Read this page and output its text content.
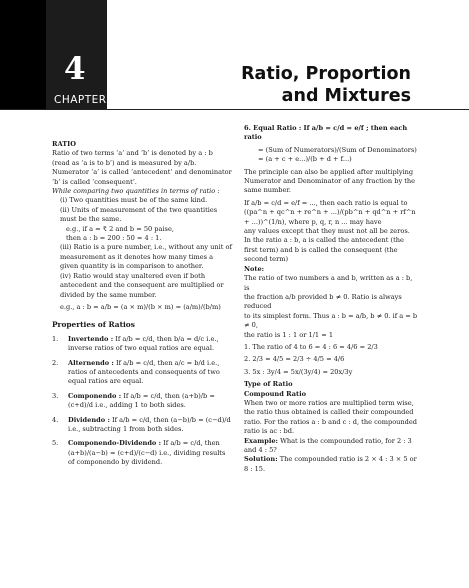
4
CHAPTER
Ratio, Proportion
and Mixtures

RATIO

Ratio of two terms ‘a’ and ‘b’ is denoted by a : b (read as ‘a is to b’) and is measured by a/b.

Numerator ‘a’ is called ‘antecedent’ and denominator ‘b’ is called ‘consequent’.

While comparing two quantities in terms of ratio :

(i) Two quantities must be of the same kind.

(ii) Units of measurement of the two quantities must be the same.

e.g., if a = ₹ 2 and b = 50 paise,

then a : b = 200 : 50 = 4 : 1.

(iii) Ratio is a pure number, i.e., without any unit of measurement as it denotes how many times a given quantity is in comparison to another.

(iv) Ratio would stay unaltered even if both antecedent and the consequent are multiplied or divided by the same number.

e.g., a : b = a/b = (a × m)/(b × m) = (a/m)/(b/m)

Properties of Ratios

1.	Invertendo : If a/b = c/d, then b/a = d/c i.e., inverse ratios of two equal ratios are equal.
2.	Alternendo : If a/b = c/d, then a/c = b/d i.e., ratios of antecedents and consequents of two equal ratios are equal.
3.	Componendo : If a/b = c/d, then (a+b)/b = (c+d)/d i.e., adding 1 to both sides.
4.	Dividendo : If a/b = c/d, then (a−b)/b = (c−d)/d i.e., subtracting 1 from both sides.
5.	Componendo-Dividendo : If a/b = c/d, then (a+b)/(a−b) = (c+d)/(c−d) i.e., dividing results of componendo by dividend.

6. Equal Ratio : If a/b = c/d = e/f ; then each ratio

= (Sum of Numerators)/(Sum of Denominators) = (a + c + e...)/(b + d + f...)

The principle can also be applied after multiplying Numerator and Denominator of any fraction by the same number.

If a/b = c/d = e/f = ..., then each ratio is equal to

((pa^n + qc^n + re^n + ...)/(pb^n + qd^n + rf^n + ...))^(1/n), where p, q, r, n ... may have

any values except that they must not all be zeros.

In the ratio a : b, a is called the antecedent (the first term) and b is called the consequent (the second term)

Note:

The ratio of two numbers a and b, written as a : b, is

the fraction a/b provided b ≠ 0. Ratio is always reduced

to its simplest form. Thus a : b = a/b, b ≠ 0. if a = b ≠ 0,

the ratio is 1 : 1 or 1/1 = 1

1. The ratio of 4 to 6 = 4 : 6 = 4/6 = 2/3

2. 2/3 = 4/5 = 2/3 ÷ 4/5 = 4/6

3. 5x : 3y/4 = 5x/(3y/4) = 20x/3y

Type of Ratio

Compound Ratio

When two or more ratios are multiplied term wise, the ratio thus obtained is called their compounded ratio. For the ratios a : b and c : d, the compounded ratio is ac : bd.

Example: What is the compounded ratio, for 2 : 3 and 4 : 5?

Solution: The compounded ratio is 2 × 4 : 3 × 5 or 8 : 15.
